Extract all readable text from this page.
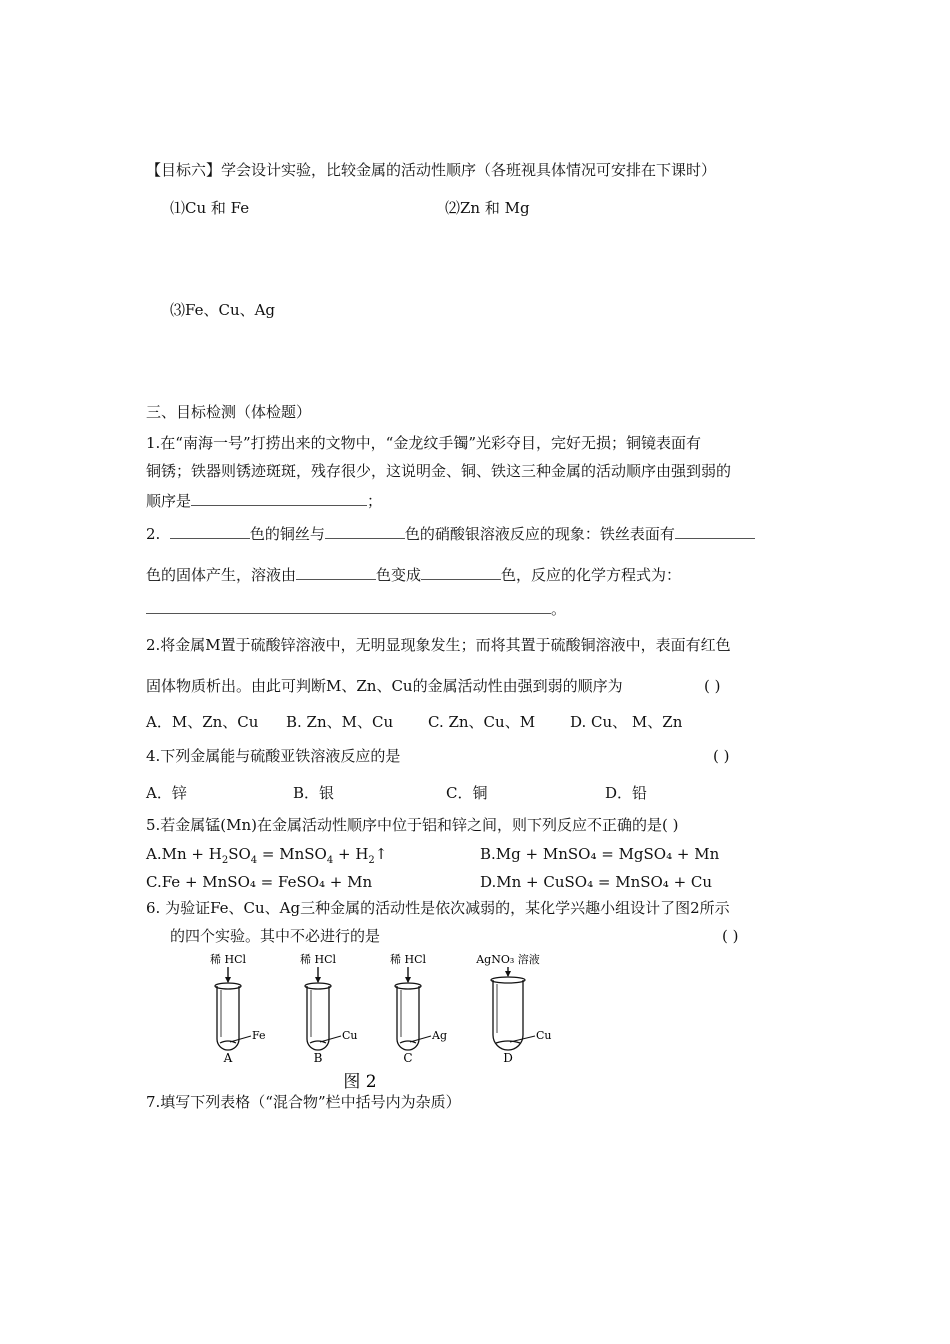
【目标六】学会设计实验，比较金属的活动性顺序（各班视具体情况可安排在下课时）
⑴Cu 和 Fe	⑵Zn 和 Mg
⑶Fe、Cu、Ag
三、目标检测（体检题）
1.在“南海一号”打捞出来的文物中，“金龙纹手镯”光彩夺目，完好无损；铜镜表面有
铜锈；铁器则锈迹斑斑，残存很少，这说明金、铜、铁这三种金属的活动顺序由强到弱的
顺序是	；
2.	色的铜丝与	色的硝酸银溶液反应的现象：铁丝表面有
色的固体产生，溶液由	色变成	色，反应的化学方程式为：
。
2.将金属M置于硫酸锌溶液中，无明显现象发生；而将其置于硫酸铜溶液中，表面有红色
固体物质析出。由此可判断M、Zn、Cu的金属活动性由强到弱的顺序为	( )
A．M、Zn、Cu B. Zn、M、Cu C. Zn、Cu、M D. Cu、 M、Zn
4.下列金属能与硫酸亚铁溶液反应的是	( )
A．锌	B．银	C．铜	D．铅
5.若金属锰(Mn)在金属活动性顺序中位于铝和锌之间，则下列反应不正确的是( )
$A.Mn + H_2SO_4$ = MnSO$_4$ + $H_2↑$	B.Mg + MnSO₄ = MgSO₄ + Mn
C.Fe + MnSO₄ = FeSO₄ + Mn	D.Mn + CuSO₄ = MnSO₄ + Cu
6. 为验证Fe、Cu、Ag三种金属的活动性是依次减弱的，某化学兴趣小组设计了图2所示
的四个实验。其中不必进行的是	( )
稀 HCl
Fe
A
稀 HCl
Cu
B
稀 HCl
Ag
C
AgNO₃ 溶液
Cu
D
图 2
7.填写下列表格（“混合物”栏中括号内为杂质）
